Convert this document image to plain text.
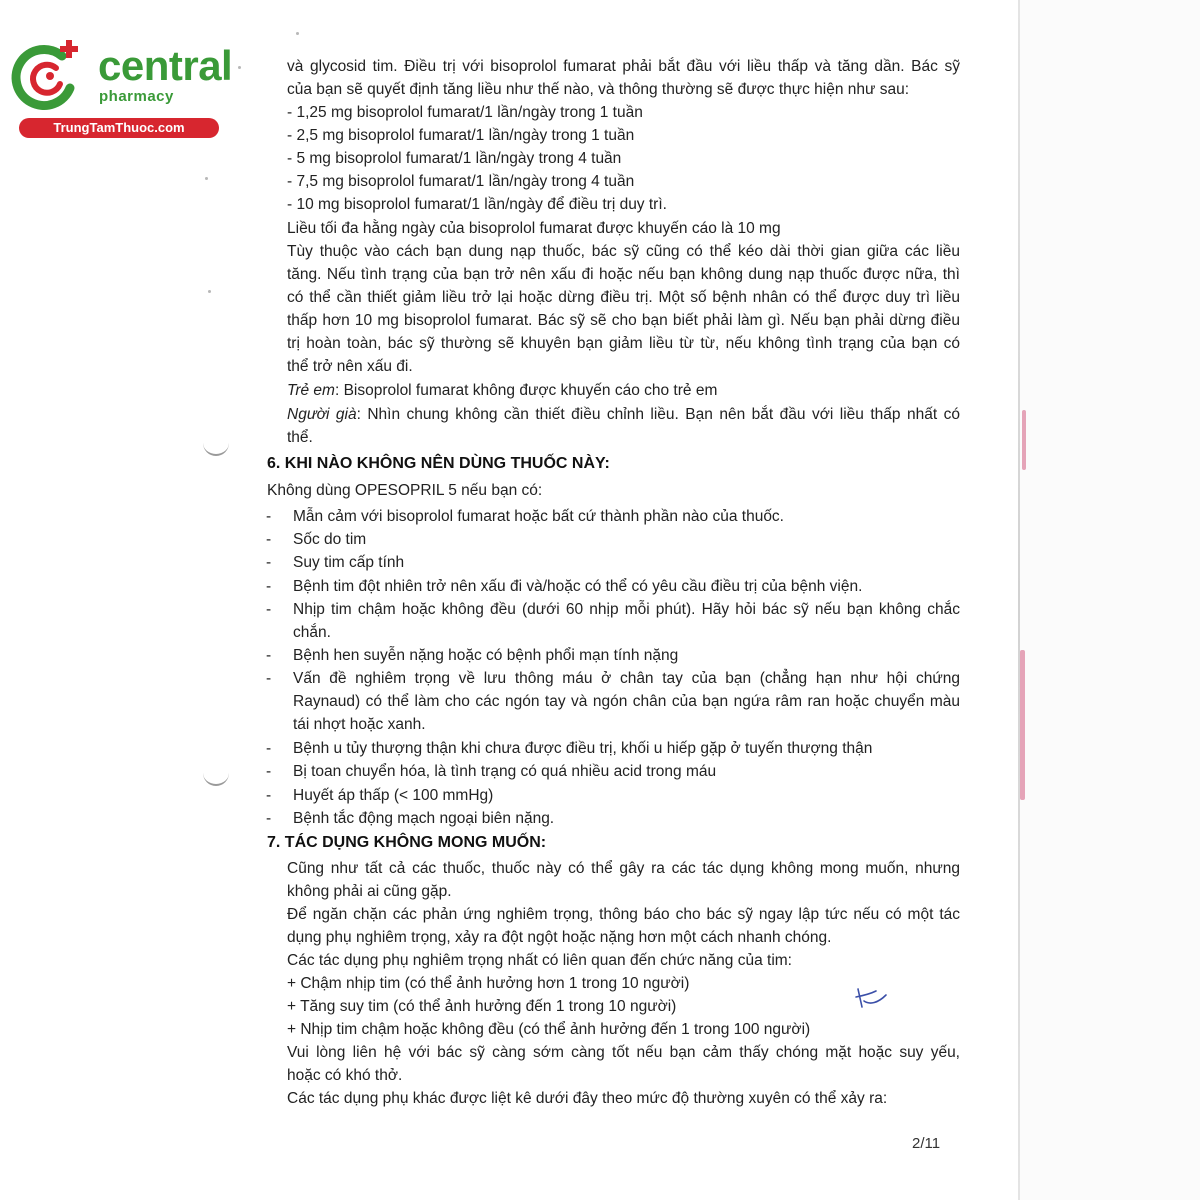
central
pharmacy
TrungTamThuoc.com
và glycosid tim. Điều trị với bisoprolol fumarat phải bắt đầu với liều thấp và tăng dần. Bác sỹ
của bạn sẽ quyết định tăng liều như thế nào, và thông thường sẽ được thực hiện như sau:
- 1,25 mg bisoprolol fumarat/1 lần/ngày trong 1 tuần
- 2,5 mg bisoprolol fumarat/1 lần/ngày trong 1 tuần
- 5 mg bisoprolol fumarat/1 lần/ngày trong 4 tuần
- 7,5 mg bisoprolol fumarat/1 lần/ngày trong 4 tuần
- 10 mg bisoprolol fumarat/1 lần/ngày để điều trị duy trì.
Liều tối đa hằng ngày của bisoprolol fumarat được khuyến cáo là 10 mg
Tùy thuộc vào cách bạn dung nạp thuốc, bác sỹ cũng có thể kéo dài thời gian giữa các liều
tăng. Nếu tình trạng của bạn trở nên xấu đi hoặc nếu bạn không dung nạp thuốc được nữa, thì
có thể cần thiết giảm liều trở lại hoặc dừng điều trị. Một số bệnh nhân có thể được duy trì liều
thấp hơn 10 mg bisoprolol fumarat. Bác sỹ sẽ cho bạn biết phải làm gì. Nếu bạn phải dừng điều
trị hoàn toàn, bác sỹ thường sẽ khuyên bạn giảm liều từ từ, nếu không tình trạng của bạn có
thể trở nên xấu đi.
Trẻ em: Bisoprolol fumarat không được khuyến cáo cho trẻ em
Người già: Nhìn chung không cần thiết điều chỉnh liều. Bạn nên bắt đầu với liều thấp nhất có
thể.
6. KHI NÀO KHÔNG NÊN DÙNG THUỐC NÀY:
Không dùng OPESOPRIL 5 nếu bạn có:
- Mẫn cảm với bisoprolol fumarat hoặc bất cứ thành phần nào của thuốc.
- Sốc do tim
- Suy tim cấp tính
- Bệnh tim đột nhiên trở nên xấu đi và/hoặc có thể có yêu cầu điều trị của bệnh viện.
- Nhịp tim chậm hoặc không đều (dưới 60 nhịp mỗi phút). Hãy hỏi bác sỹ nếu bạn không chắc
chắn.
- Bệnh hen suyễn nặng hoặc có bệnh phổi mạn tính nặng
- Vấn đề nghiêm trọng về lưu thông máu ở chân tay của bạn (chẳng hạn như hội chứng
Raynaud) có thể làm cho các ngón tay và ngón chân của bạn ngứa râm ran hoặc chuyển màu
tái nhợt hoặc xanh.
- Bệnh u tủy thượng thận khi chưa được điều trị, khối u hiếp gặp ở tuyến thượng thận
- Bị toan chuyển hóa, là tình trạng có quá nhiều acid trong máu
- Huyết áp thấp (< 100 mmHg)
- Bệnh tắc động mạch ngoại biên nặng.
7. TÁC DỤNG KHÔNG MONG MUỐN:
Cũng như tất cả các thuốc, thuốc này có thể gây ra các tác dụng không mong muốn, nhưng
không phải ai cũng gặp.
Để ngăn chặn các phản ứng nghiêm trọng, thông báo cho bác sỹ ngay lập tức nếu có một tác
dụng phụ nghiêm trọng, xảy ra đột ngột hoặc nặng hơn một cách nhanh chóng.
Các tác dụng phụ nghiêm trọng nhất có liên quan đến chức năng của tim:
+ Chậm nhịp tim (có thể ảnh hưởng hơn 1 trong 10 người)
+ Tăng suy tim (có thể ảnh hưởng đến 1 trong 10 người)
+ Nhịp tim chậm hoặc không đều (có thể ảnh hưởng đến 1 trong 100 người)
Vui lòng liên hệ với bác sỹ càng sớm càng tốt nếu bạn cảm thấy chóng mặt hoặc suy yếu,
hoặc có khó thở.
Các tác dụng phụ khác được liệt kê dưới đây theo mức độ thường xuyên có thể xảy ra:
2/11
